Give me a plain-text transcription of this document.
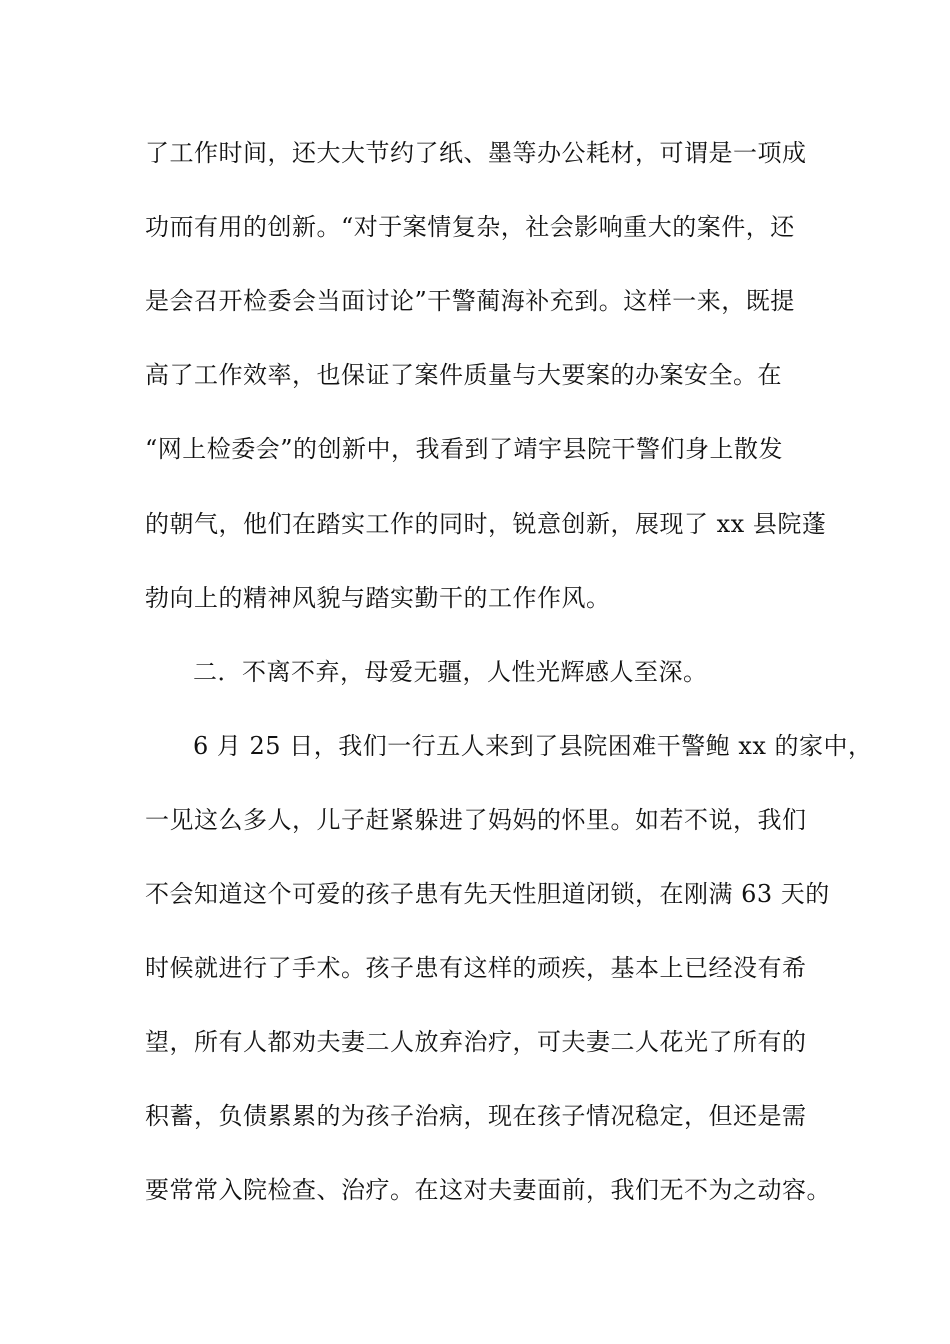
了工作时间，还大大节约了纸、墨等办公耗材，可谓是一项成
功而有用的创新。“对于案情复杂，社会影响重大的案件，还
是会召开检委会当面讨论”干警蔺海补充到。这样一来，既提
高了工作效率，也保证了案件质量与大要案的办案安全。在
“网上检委会”的创新中，我看到了靖宇县院干警们身上散发
的朝气，他们在踏实工作的同时，锐意创新，展现了 xx 县院蓬
勃向上的精神风貌与踏实勤干的工作作风。
二．不离不弃，母爱无疆，人性光辉感人至深。
6 月 25 日，我们一行五人来到了县院困难干警鲍 xx 的家中，
一见这么多人，儿子赶紧躲进了妈妈的怀里。如若不说，我们
不会知道这个可爱的孩子患有先天性胆道闭锁，在刚满 63 天的
时候就进行了手术。孩子患有这样的顽疾，基本上已经没有希
望，所有人都劝夫妻二人放弃治疗，可夫妻二人花光了所有的
积蓄，负债累累的为孩子治病，现在孩子情况稳定，但还是需
要常常入院检查、治疗。在这对夫妻面前，我们无不为之动容。
